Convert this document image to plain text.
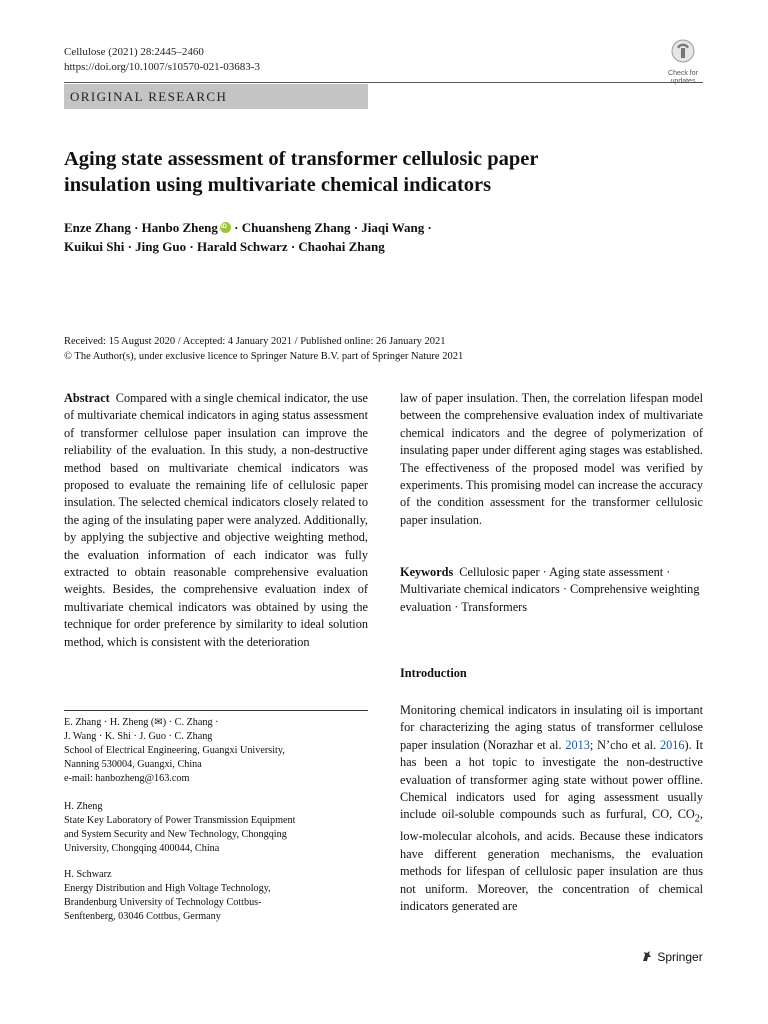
Cellulose (2021) 28:2445–2460
https://doi.org/10.1007/s10570-021-03683-3
Check for
ORIGINAL RESEARCH
Aging state assessment of transformer cellulosic paper
insulation using multivariate chemical indicators
Enze Zhang · Hanbo ZhengiD · Chuansheng Zhang · Jiaqi Wang ·
Kuikui Shi · Jing Guo · Harald Schwarz · Chaohai Zhang
Received: 15 August 2020 / Accepted: 4 January 2021 / Published online: 26 January 2021
© The Author(s), under exclusive licence to Springer Nature B.V. part of Springer Nature 2021
Abstract Compared with a single chemical indicator, the use of multivariate chemical indicators in aging status assessment of transformer cellulose paper insulation can improve the reliability of the evaluation. In this study, a non-destructive method based on multivariate chemical indicators was proposed to evaluate the remaining life of cellulosic paper insulation. The selected chemical indicators closely related to the aging of the insulating paper were analyzed. Additionally, by applying the subjective and objective weighting method, the evaluation information of each indicator was fully extracted to obtain reasonable comprehensive evaluation weights. Besides, the comprehensive evaluation index of multivariate chemical indicators was obtained by using the technique for order preference by similarity to ideal solution method, which is consistent with the deterioration
law of paper insulation. Then, the correlation lifespan model between the comprehensive evaluation index of multivariate chemical indicators and the degree of polymerization of insulating paper under different aging stages was established. The effectiveness of the proposed model was verified by experiments. This promising model can increase the accuracy of the condition assessment for the transformer cellulosic paper insulation.
Keywords Cellulosic paper · Aging state assessment · Multivariate chemical indicators · Comprehensive weighting evaluation · Transformers
Introduction
Monitoring chemical indicators in insulating oil is important for characterizing the aging status of transformer cellulose paper insulation (Norazhar et al. 2013; N’cho et al. 2016). It has been a hot topic to investigate the non-destructive evaluation of transformer aging state without power offline. Chemical indicators used for aging assessment usually include oil-soluble compounds such as furfural, CO, $CO_2$, low-molecular alcohols, and acids. Because these indicators have different generation mechanisms, the evaluation methods for lifespan of cellulosic paper insulation are thus not uniform. Moreover, the concentration of chemical indicators generated are
E. Zhang · H. Zheng (✉) · C. Zhang ·
J. Wang · K. Shi · J. Guo · C. Zhang
School of Electrical Engineering, Guangxi University,
Nanning 530004, Guangxi, China
e-mail: hanbozheng@163.com
H. Zheng
State Key Laboratory of Power Transmission Equipment
and System Security and New Technology, Chongqing
University, Chongqing 400044, China
H. Schwarz
Energy Distribution and High Voltage Technology,
Brandenburg University of Technology Cottbus-
Senftenberg, 03046 Cottbus, Germany
Springer
